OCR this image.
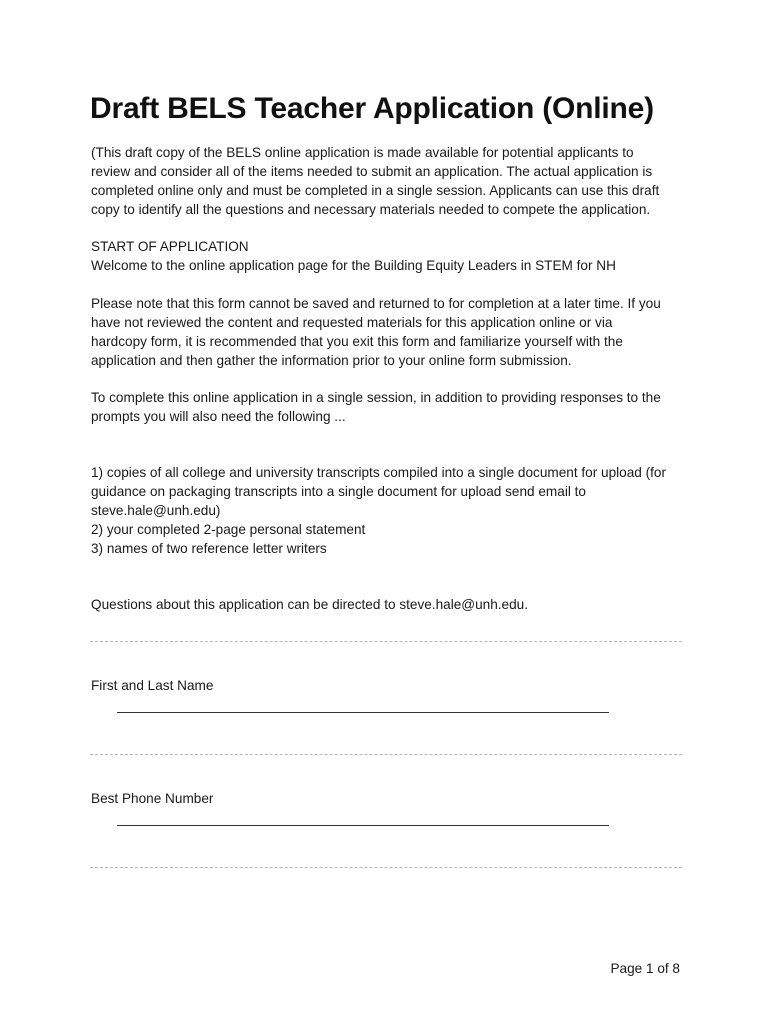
Draft BELS Teacher Application (Online)

(This draft copy of the BELS online application is made available for potential applicants to
review and consider all of the items needed to submit an application. The actual application is
completed online only and must be completed in a single session. Applicants can use this draft
copy to identify all the questions and necessary materials needed to compete the application.

START OF APPLICATION
Welcome to the online application page for the Building Equity Leaders in STEM for NH

Please note that this form cannot be saved and returned to for completion at a later time. If you
have not reviewed the content and requested materials for this application online or via
hardcopy form, it is recommended that you exit this form and familiarize yourself with the
application and then gather the information prior to your online form submission.

To complete this online application in a single session, in addition to providing responses to the
prompts you will also need the following ...

1) copies of all college and university transcripts compiled into a single document for upload (for
guidance on packaging transcripts into a single document for upload send email to
steve.hale@unh.edu)
2) your completed 2-page personal statement
3) names of two reference letter writers

Questions about this application can be directed to steve.hale@unh.edu.

First and Last Name

Best Phone Number

Page 1 of 8
